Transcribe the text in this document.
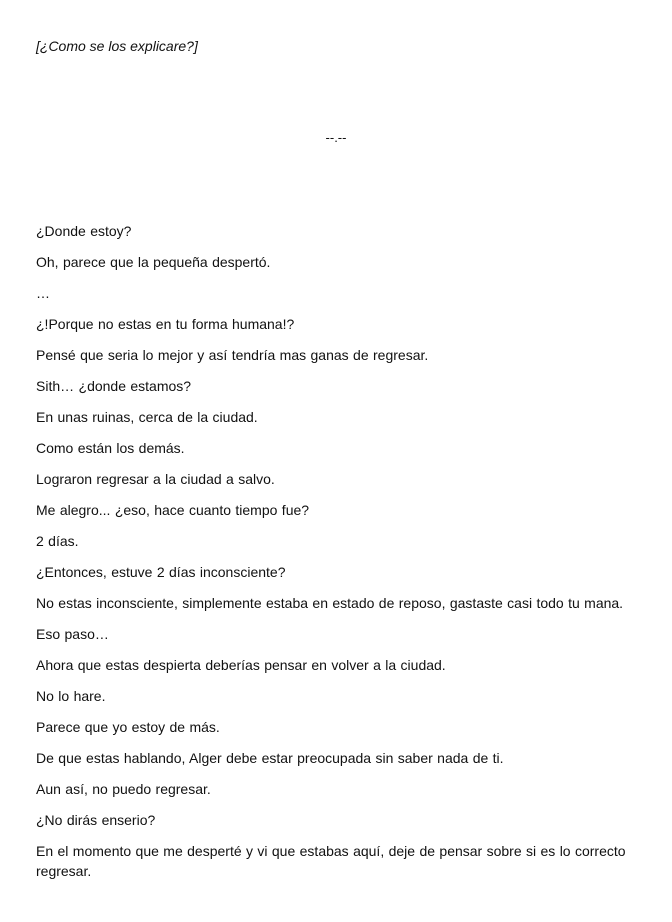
[¿Como se los explicare?]

--.--

¿Donde estoy?

Oh, parece que la pequeña despertó.

…

¿!Porque no estas en tu forma humana!?

Pensé que seria lo mejor y así tendría mas ganas de regresar.

Sith… ¿donde estamos?

En unas ruinas, cerca de la ciudad.

Como están los demás.

Lograron regresar a la ciudad a salvo.

Me alegro... ¿eso, hace cuanto tiempo fue?

2 días.

¿Entonces, estuve 2 días inconsciente?

No estas inconsciente, simplemente estaba en estado de reposo, gastaste casi todo tu mana.

Eso paso…

Ahora que estas despierta deberías pensar en volver a la ciudad.

No lo hare.

Parece que yo estoy de más.

De que estas hablando, Alger debe estar preocupada sin saber nada de ti.

Aun así, no puedo regresar.

¿No dirás enserio?

En el momento que me desperté y vi que estabas aquí, deje de pensar sobre si es lo correcto regresar.
